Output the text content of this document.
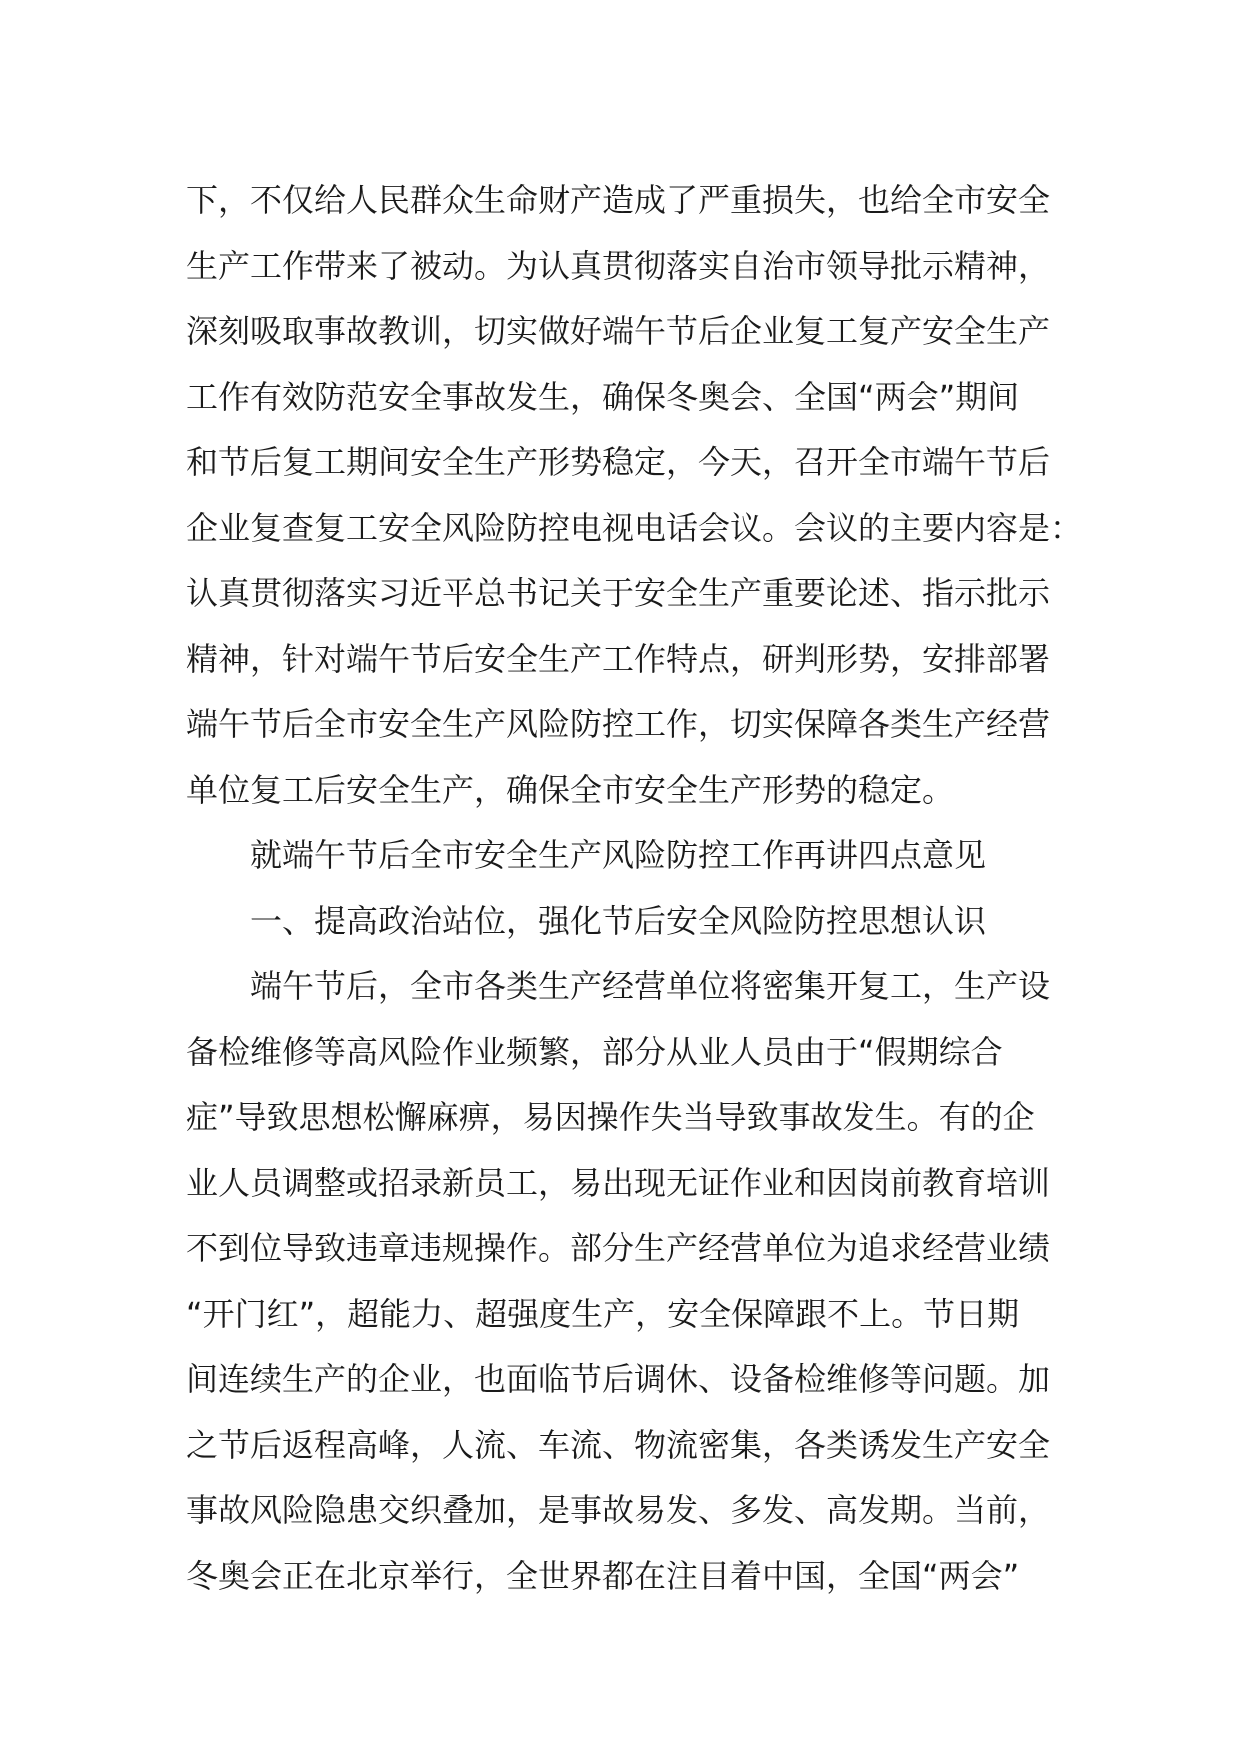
下，不仅给人民群众生命财产造成了严重损失，也给全市安全
生产工作带来了被动。为认真贯彻落实自治市领导批示精神，
深刻吸取事故教训，切实做好端午节后企业复工复产安全生产
工作有效防范安全事故发生，确保冬奥会、全国“两会”期间
和节后复工期间安全生产形势稳定，今天，召开全市端午节后
企业复查复工安全风险防控电视电话会议。会议的主要内容是：
认真贯彻落实习近平总书记关于安全生产重要论述、指示批示
精神，针对端午节后安全生产工作特点，研判形势，安排部署
端午节后全市安全生产风险防控工作，切实保障各类生产经营
单位复工后安全生产，确保全市安全生产形势的稳定。
就端午节后全市安全生产风险防控工作再讲四点意见
一、提高政治站位，强化节后安全风险防控思想认识
端午节后，全市各类生产经营单位将密集开复工，生产设
备检维修等高风险作业频繁，部分从业人员由于“假期综合
症”导致思想松懈麻痹，易因操作失当导致事故发生。有的企
业人员调整或招录新员工，易出现无证作业和因岗前教育培训
不到位导致违章违规操作。部分生产经营单位为追求经营业绩
“开门红”，超能力、超强度生产，安全保障跟不上。节日期
间连续生产的企业，也面临节后调休、设备检维修等问题。加
之节后返程高峰，人流、车流、物流密集，各类诱发生产安全
事故风险隐患交织叠加，是事故易发、多发、高发期。当前，
冬奥会正在北京举行，全世界都在注目着中国，全国“两会”
